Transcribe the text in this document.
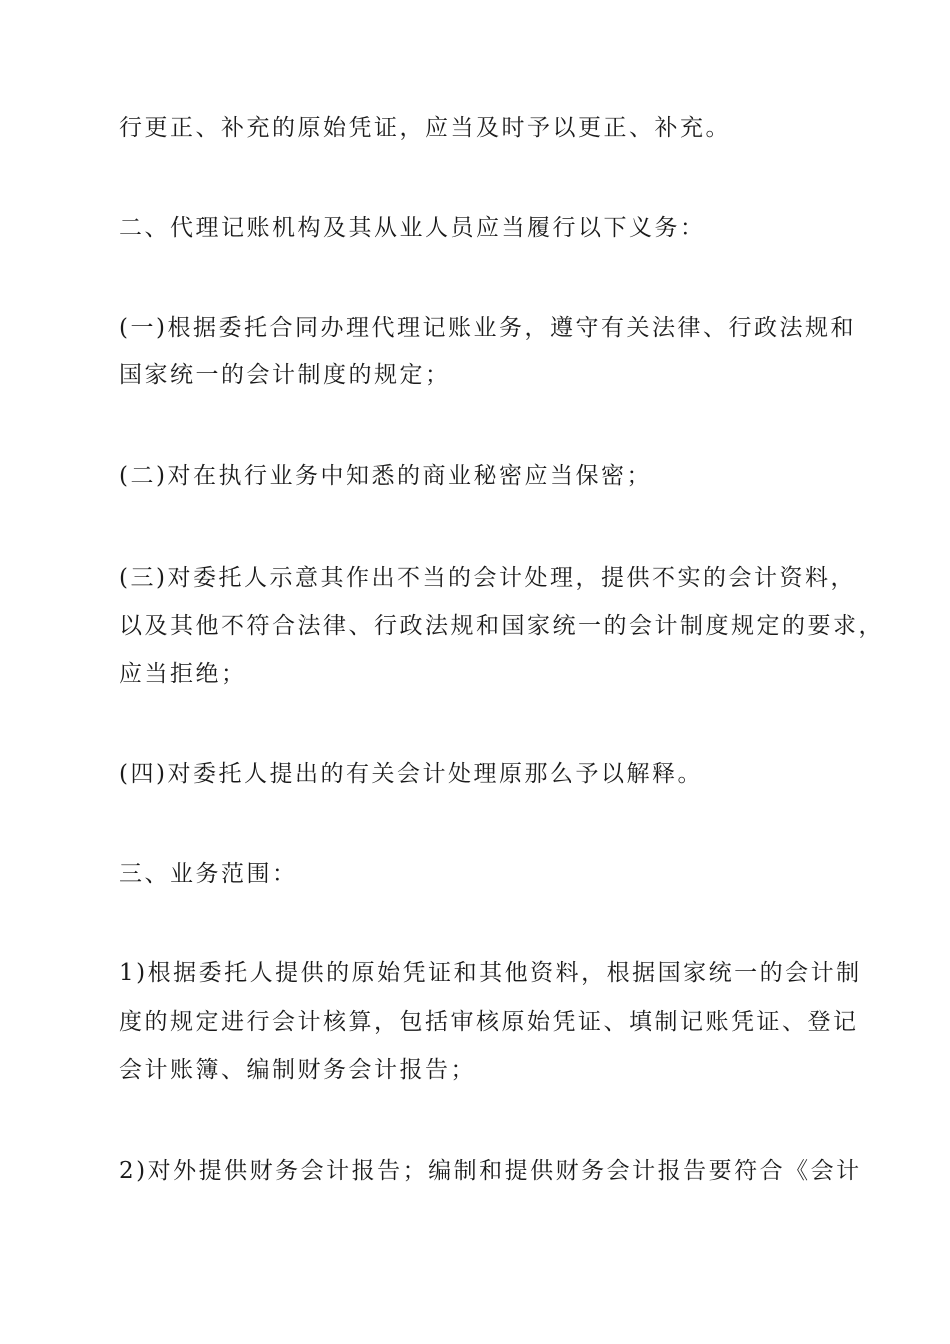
行更正、补充的原始凭证，应当及时予以更正、补充。

二、代理记账机构及其从业人员应当履行以下义务：

(一)根据委托合同办理代理记账业务，遵守有关法律、行政法规和

国家统一的会计制度的规定；

(二)对在执行业务中知悉的商业秘密应当保密；

(三)对委托人示意其作出不当的会计处理，提供不实的会计资料，

以及其他不符合法律、行政法规和国家统一的会计制度规定的要求，

应当拒绝；

(四)对委托人提出的有关会计处理原那么予以解释。

三、业务范围：

1)根据委托人提供的原始凭证和其他资料，根据国家统一的会计制

度的规定进行会计核算，包括审核原始凭证、填制记账凭证、登记

会计账簿、编制财务会计报告；

2)对外提供财务会计报告；编制和提供财务会计报告要符合《会计
